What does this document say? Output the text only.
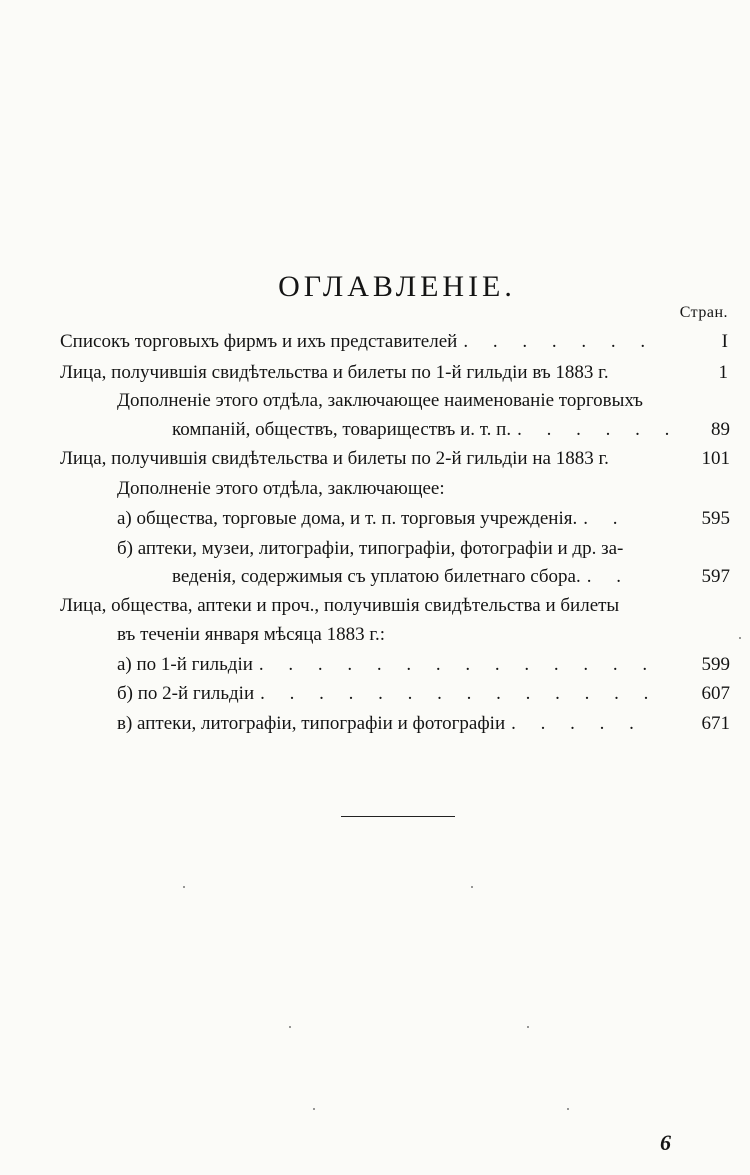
ОГЛАВЛЕНІЕ.
Стран.
Списокъ торговыхъ фирмъ и ихъ представителей . . . . . . .	I
Лица, получившія свидѣтельства и билеты по 1-й гильдіи въ 1883 г.	1
Дополненіе этого отдѣла, заключающее наименованіе торговыхъ
компаній, обществъ, товариществъ и. т. п. . . . . . . 89
Лица, получившія свидѣтельства и билеты по 2-й гильдіи на 1883 г.	101
Дополненіе этого отдѣла, заключающее:
а) общества, торговые дома, и т. п. торговыя учрежденія. . .	595
б) аптеки, музеи, литографіи, типографіи, фотографіи и др. за-
веденія, содержимыя съ уплатою билетнаго сбора. . .	597
Лица, общества, аптеки и проч., получившія свидѣтельства и билеты
въ теченіи января мѣсяца 1883 г.:
а) по 1-й гильдіи . . . . . . . . . . . . . . 599
б) по 2-й гильдіи . . . . . . . . . . . . . . 607
в) аптеки, литографіи, типографіи и фотографіи . . . . .	671
6
